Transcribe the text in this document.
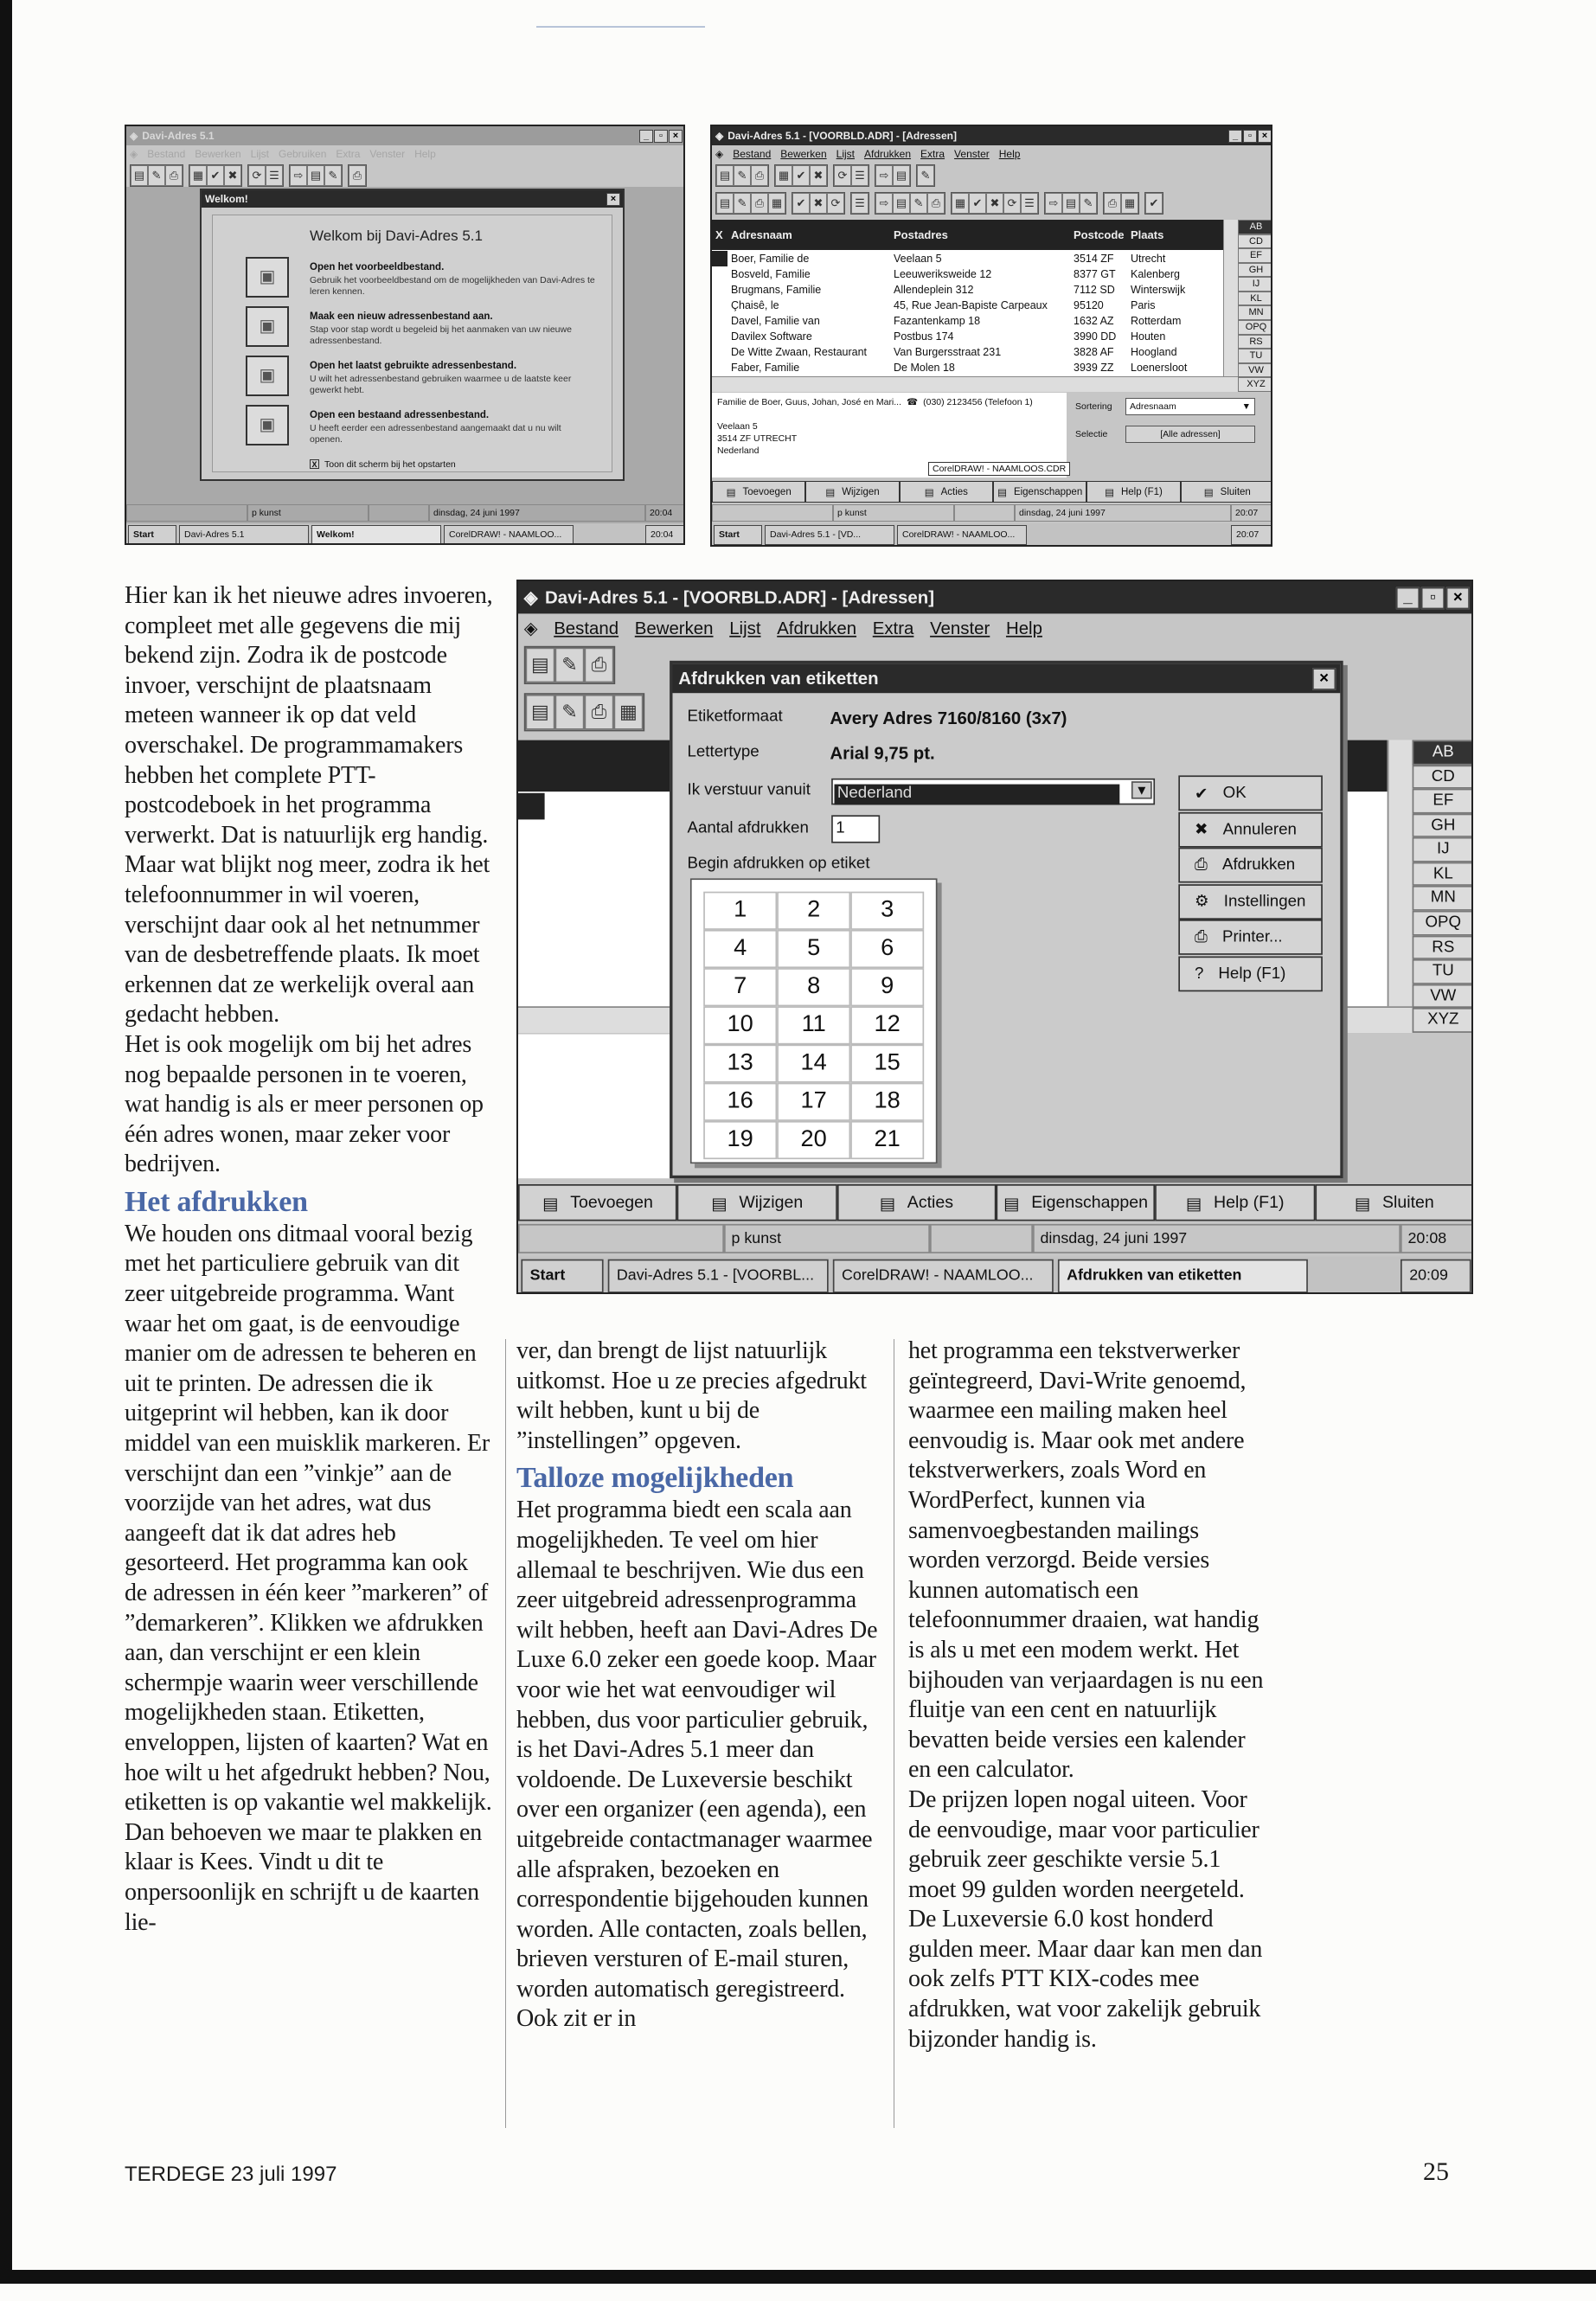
◈ Davi-Adres 5.1	_	▫	×
◈ Bestand Bewerken Lijst Gebruiken Extra Venster Help
▤ ✎ ⎙	▦ ✔ ✖	⟳ ☰	⇨ ▤ ✎	⎙
Welkom!	×
Welkom bij Davi-Adres 5.1
▣	Open het voorbeeldbestand.
Gebruik het voorbeeldbestand om de mogelijkheden van Davi-Adres te leren kennen.
▣	Maak een nieuw adressenbestand aan.
Stap voor stap wordt u begeleid bij het aanmaken van uw nieuwe adressenbestand.
▣	Open het laatst gebruikte adressenbestand.
U wilt het adressenbestand gebruiken waarmee u de laatste keer gewerkt hebt.
▣	Open een bestaand adressenbestand.
U heeft eerder een adressenbestand aangemaakt dat u nu wilt openen.
X Toon dit scherm bij het opstarten
p kunst	dinsdag, 24 juni 1997	20:04
Start	Davi-Adres 5.1	Welkom!	CorelDRAW! - NAAMLOO...	20:04
◈ Davi-Adres 5.1 - [VOORBLD.ADR] - [Adressen]	_	▫	×
◈ Bestand Bewerken Lijst Afdrukken Extra Venster Help
▤ ✎ ⎙	▦ ✔ ✖	⟳ ☰	⇨ ▤	✎
▤ ✎ ⎙ ▦	✔ ✖ ⟳	☰	⇨ ▤ ✎ ⎙	▦ ✔ ✖ ⟳ ☰	⇨ ▤ ✎	⎙ ▦	✔
X Adresnaam	Postadres	Postcode Plaats
Boer, Familie de	Veelaan 5	3514 ZF	Utrecht
Bosveld, Familie	Leeuweriksweide 12	8377 GT	Kalenberg
Brugmans, Familie	Allendeplein 312	7112 SD	Winterswijk
Çhaisê, le	45, Rue Jean-Bapiste Carpeaux	95120	Paris
Davel, Familie van	Fazantenkamp 18	1632 AZ	Rotterdam
Davilex Software	Postbus 174	3990 DD	Houten
De Witte Zwaan, Restaurant	Van Burgersstraat 231	3828 AF	Hoogland
Faber, Familie	De Molen 18	3939 ZZ	Loenersloot
AB
CD
EF
GH
IJ
KL
MN
OPQ
RS
TU
VW
XYZ
Familie de Boer, Guus, Johan, José en Mari... ☎ (030) 2123456 (Telefoon 1)
Veelaan 5
3514 ZF UTRECHT
Nederland
Sortering	Adresnaam	▼
Selectie	[Alle adressen]
▤ Toevoegen	▤ Wijzigen	▤ Acties	▤ Eigenschappen ▤ Help (F1)	▤ Sluiten
p kunst	dinsdag, 24 juni 1997	20:07
Start	Davi-Adres 5.1 - [VD...	CorelDRAW! - NAAMLOO...	20:07
CorelDRAW! - NAAMLOOS.CDR
◈ Davi-Adres 5.1 - [VOORBLD.ADR] - [Adressen]	_	▫	×
◈ Bestand Bewerken Lijst Afdrukken Extra Venster Help
▤	✎	⎙
▤	✎	⎙	▦
AB
CD
EF
GH
IJ
KL
MN
OPQ
RS
TU
VW
XYZ
▤ Toevoegen	▤ Wijzigen	▤ Acties	▤ Eigenschappen	▤ Help (F1)	▤ Sluiten
p kunst	dinsdag, 24 juni 1997	20:08
Start	Davi-Adres 5.1 - [VOORBL...	CorelDRAW! - NAAMLOO...	Afdrukken van etiketten	20:09
Afdrukken van etiketten	×
Etiketformaat	Avery Adres 7160/8160 (3x7)
Lettertype	Arial 9,75 pt.
Ik verstuur vanuit	Nederland	▼
Aantal afdrukken	1
Begin afdrukken op etiket
1	2	3
4	5	6
7	8	9
10	11	12
13	14	15
16	17	18
19	20	21
✔ OK
✖ Annuleren
⎙ Afdrukken
⚙ Instellingen
⎙ Printer...
? Help (F1)

Hier kan ik het nieuwe adres invoeren, compleet met alle gegevens die mij bekend zijn. Zodra ik de postcode invoer, verschijnt de plaatsnaam meteen wanneer ik op dat veld overschakel. De programmamakers hebben het complete PTT-postcodeboek in het programma verwerkt. Dat is natuurlijk erg handig. Maar wat blijkt nog meer, zodra ik het telefoonnummer in wil voeren, verschijnt daar ook al het netnummer van de desbetreffende plaats. Ik moet erkennen dat ze werkelijk overal aan gedacht hebben.

Het is ook mogelijk om bij het adres nog bepaalde personen in te voeren, wat handig is als er meer personen op één adres wonen, maar zeker voor bedrijven.

Het afdrukken

We houden ons ditmaal vooral bezig met het particuliere gebruik van dit zeer uitgebreide programma. Want waar het om gaat, is de eenvoudige manier om de adressen te beheren en uit te printen. De adressen die ik uitgeprint wil hebben, kan ik door middel van een muisklik markeren. Er verschijnt dan een ”vinkje” aan de voorzijde van het adres, wat dus aangeeft dat ik dat adres heb gesorteerd. Het programma kan ook de adressen in één keer ”markeren” of ”demarkeren”. Klikken we afdrukken aan, dan verschijnt er een klein schermpje waarin weer verschillende mogelijkheden staan. Etiketten, enveloppen, lijsten of kaarten? Wat en hoe wilt u het afgedrukt hebben? Nou, etiketten is op vakantie wel makkelijk. Dan behoeven we maar te plakken en klaar is Kees. Vindt u dit te onpersoonlijk en schrijft u de kaarten lie-

ver, dan brengt de lijst natuurlijk uitkomst. Hoe u ze precies afgedrukt wilt hebben, kunt u bij de ”instellingen” opgeven.

Talloze mogelijkheden

Het programma biedt een scala aan mogelijkheden. Te veel om hier allemaal te beschrijven. Wie dus een zeer uitgebreid adressenprogramma wilt hebben, heeft aan Davi-Adres De Luxe 6.0 zeker een goede koop. Maar voor wie het wat eenvoudiger wil hebben, dus voor particulier gebruik, is het Davi-Adres 5.1 meer dan voldoende. De Luxeversie beschikt over een organizer (een agenda), een uitgebreide contactmanager waarmee alle afspraken, bezoeken en correspondentie bijgehouden kunnen worden. Alle contacten, zoals bellen, brieven versturen of E-mail sturen, worden automatisch geregistreerd. Ook zit er in

het programma een tekstverwerker geïntegreerd, Davi-Write genoemd, waarmee een mailing maken heel eenvoudig is. Maar ook met andere tekstverwerkers, zoals Word en WordPerfect, kunnen via samenvoegbestanden mailings worden verzorgd. Beide versies kunnen automatisch een telefoonnummer draaien, wat handig is als u met een modem werkt. Het bijhouden van verjaardagen is nu een fluitje van een cent en natuurlijk bevatten beide versies een kalender en een calculator.

De prijzen lopen nogal uiteen. Voor de eenvoudige, maar voor particulier gebruik zeer geschikte versie 5.1 moet 99 gulden worden neergeteld. De Luxeversie 6.0 kost honderd gulden meer. Maar daar kan men dan ook zelfs PTT KIX-codes mee afdrukken, wat voor zakelijk gebruik bijzonder handig is.

TERDEGE 23 juli 1997	25
